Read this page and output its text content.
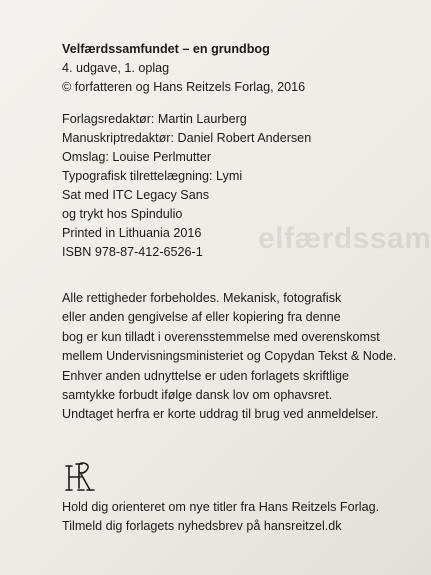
elfærdssam
Velfærdssamfundet – en grundbog
4. udgave, 1. oplag
© forfatteren og Hans Reitzels Forlag, 2016
Forlagsredaktør: Martin Laurberg
Manuskriptredaktør: Daniel Robert Andersen
Omslag: Louise Perlmutter
Typografisk tilrettelægning: Lymi
Sat med ITC Legacy Sans
og trykt hos Spindulio
Printed in Lithuania 2016
ISBN 978-87-412-6526-1
Alle rettigheder forbeholdes. Mekanisk, fotografisk
eller anden gengivelse af eller kopiering fra denne
bog er kun tilladt i overensstemmelse med overenskomst
mellem Undervisningsministeriet og Copydan Tekst & Node.
Enhver anden udnyttelse er uden forlagets skriftlige
samtykke forbudt ifølge dansk lov om ophavsret.
Undtaget herfra er korte uddrag til brug ved anmeldelser.
Hold dig orienteret om nye titler fra Hans Reitzels Forlag.
Tilmeld dig forlagets nyhedsbrev på hansreitzel.dk
